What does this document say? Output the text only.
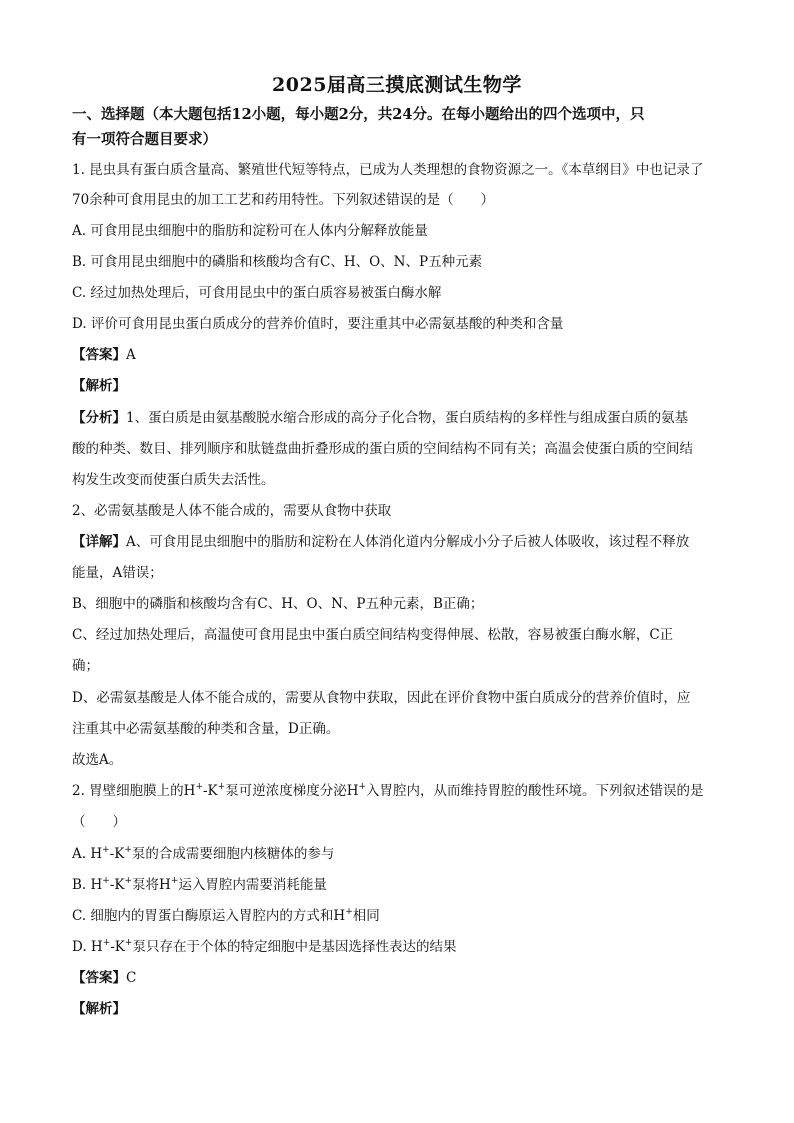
2025届高三摸底测试生物学
一、选择题（本大题包括12小题，每小题2分，共24分。在每小题给出的四个选项中，只
有一项符合题目要求）
1. 昆虫具有蛋白质含量高、繁殖世代短等特点，已成为人类理想的食物资源之一。《本草纲目》中也记录了
70余种可食用昆虫的加工工艺和药用特性。下列叙述错误的是（　　）
A. 可食用昆虫细胞中的脂肪和淀粉可在人体内分解释放能量
B. 可食用昆虫细胞中的磷脂和核酸均含有C、H、O、N、P五种元素
C. 经过加热处理后，可食用昆虫中的蛋白质容易被蛋白酶水解
D. 评价可食用昆虫蛋白质成分的营养价值时，要注重其中必需氨基酸的种类和含量
【答案】A
【解析】
【分析】1、蛋白质是由氨基酸脱水缩合形成的高分子化合物，蛋白质结构的多样性与组成蛋白质的氨基
酸的种类、数目、排列顺序和肽链盘曲折叠形成的蛋白质的空间结构不同有关；高温会使蛋白质的空间结
构发生改变而使蛋白质失去活性。
2、必需氨基酸是人体不能合成的，需要从食物中获取
【详解】A、可食用昆虫细胞中的脂肪和淀粉在人体消化道内分解成小分子后被人体吸收，该过程不释放
能量，A错误；
B、细胞中的磷脂和核酸均含有C、H、O、N、P五种元素，B正确；
C、经过加热处理后，高温使可食用昆虫中蛋白质空间结构变得伸展、松散，容易被蛋白酶水解，C正
确；
D、必需氨基酸是人体不能合成的，需要从食物中获取，因此在评价食物中蛋白质成分的营养价值时，应
注重其中必需氨基酸的种类和含量，D正确。
故选A。
2. 胃壁细胞膜上的H+-K+泵可逆浓度梯度分泌H+入胃腔内，从而维持胃腔的酸性环境。下列叙述错误的是
（　　）
A. H+-K+泵的合成需要细胞内核糖体的参与
B. H+-K+泵将H+运入胃腔内需要消耗能量
C. 细胞内的胃蛋白酶原运入胃腔内的方式和H+相同
D. H+-K+泵只存在于个体的特定细胞中是基因选择性表达的结果
【答案】C
【解析】
